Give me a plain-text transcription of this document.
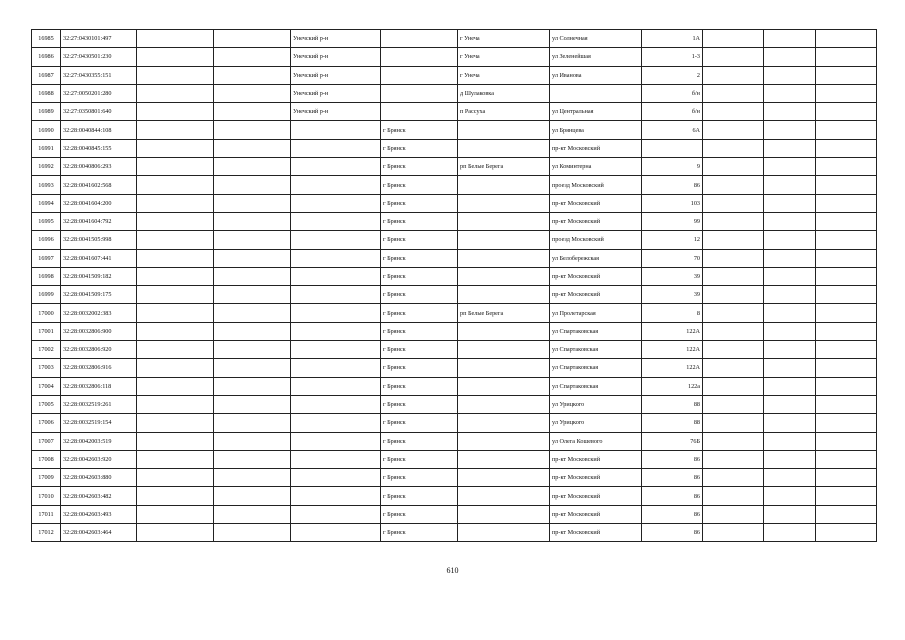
16985	32:27:0430101:497			Унечский р-н		г Унеча	ул Солнечная	1А			
16986	32:27:0430501:230			Унечский р-н		г Унеча	ул Зеленейшая	1-3			
16987	32:27:0430355:151			Унечский р-н		г Унеча	ул Иванова	2			
16988	32:27:0050201:280			Унечский р-н		д Шулаковка		б/н			
16989	32:27:0350801:640			Унечский р-н		п Рассуха	ул Центральная	б/н			
16990	32:28:0040844:108				г Брянск		ул Брянцева	6А			
16991	32:28:0040845:155				г Брянск		пр-кт Московский				
16992	32:28:0040806:293				г Брянск	рп Белые Берега	ул Коминтерна	9			
16993	32:28:0041602:568				г Брянск		проезд Московский	86			
16994	32:28:0041604:200				г Брянск		пр-кт Московский	103			
16995	32:28:0041604:792				г Брянск		пр-кт Московский	99			
16996	32:28:0041505:998				г Брянск		проезд Московский	12			
16997	32:28:0041607:441				г Брянск		ул Белобережская	70			
16998	32:28:0041509:182				г Брянск		пр-кт Московский	39			
16999	32:28:0041509:175				г Брянск		пр-кт Московский	39			
17000	32:28:0032002:383				г Брянск	рп Белые Берега	ул Пролетарская	8			
17001	32:28:0032806:900				г Брянск		ул Спартаковская	122А			
17002	32:28:0032806:920				г Брянск		ул Спартаковская	122А			
17003	32:28:0032806:916				г Брянск		ул Спартаковская	122А			
17004	32:28:0032806:118				г Брянск		ул Спартаковская	122а			
17005	32:28:0032519:261				г Брянск		ул Урицкого	88			
17006	32:28:0032519:154				г Брянск		ул Урицкого	88			
17007	32:28:0042003:519				г Брянск		ул Олега Кошевого	76Б			
17008	32:28:0042603:920				г Брянск		пр-кт Московский	86			
17009	32:28:0042603:880				г Брянск		пр-кт Московский	86			
17010	32:28:0042603:482				г Брянск		пр-кт Московский	86			
17011	32:28:0042603:493				г Брянск		пр-кт Московский	86			
17012	32:28:0042603:464				г Брянск		пр-кт Московский	86			
610
